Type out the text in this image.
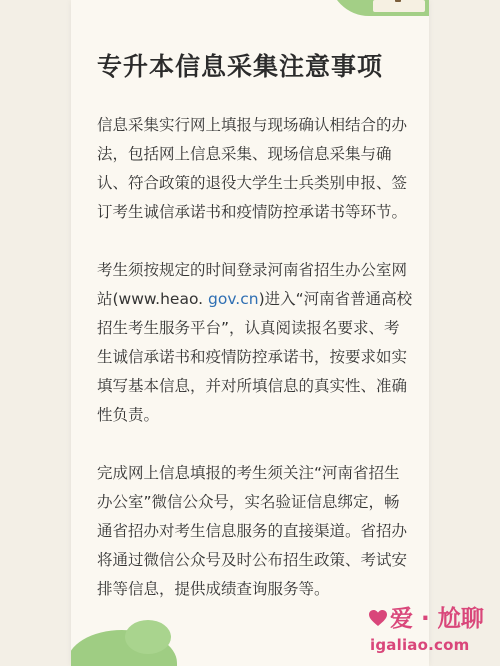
专升本信息采集注意事项

信息采集实行网上填报与现场确认相结合的办法，包括网上信息采集、现场信息采集与确认、符合政策的退役大学生士兵类别申报、签订考生诚信承诺书和疫情防控承诺书等环节。

考生须按规定的时间登录河南省招生办公室网站(www.heao. gov.cn)进入“河南省普通高校招生考生服务平台”，认真阅读报名要求、考生诚信承诺书和疫情防控承诺书，按要求如实填写基本信息，并对所填信息的真实性、准确性负责。

完成网上信息填报的考生须关注“河南省招生办公室”微信公众号，实名验证信息绑定，畅通省招办对考生信息服务的直接渠道。省招办将通过微信公众号及时公布招生政策、考试安排等信息，提供成绩查询服务等。

爱 · 尬聊
igaliao.com
